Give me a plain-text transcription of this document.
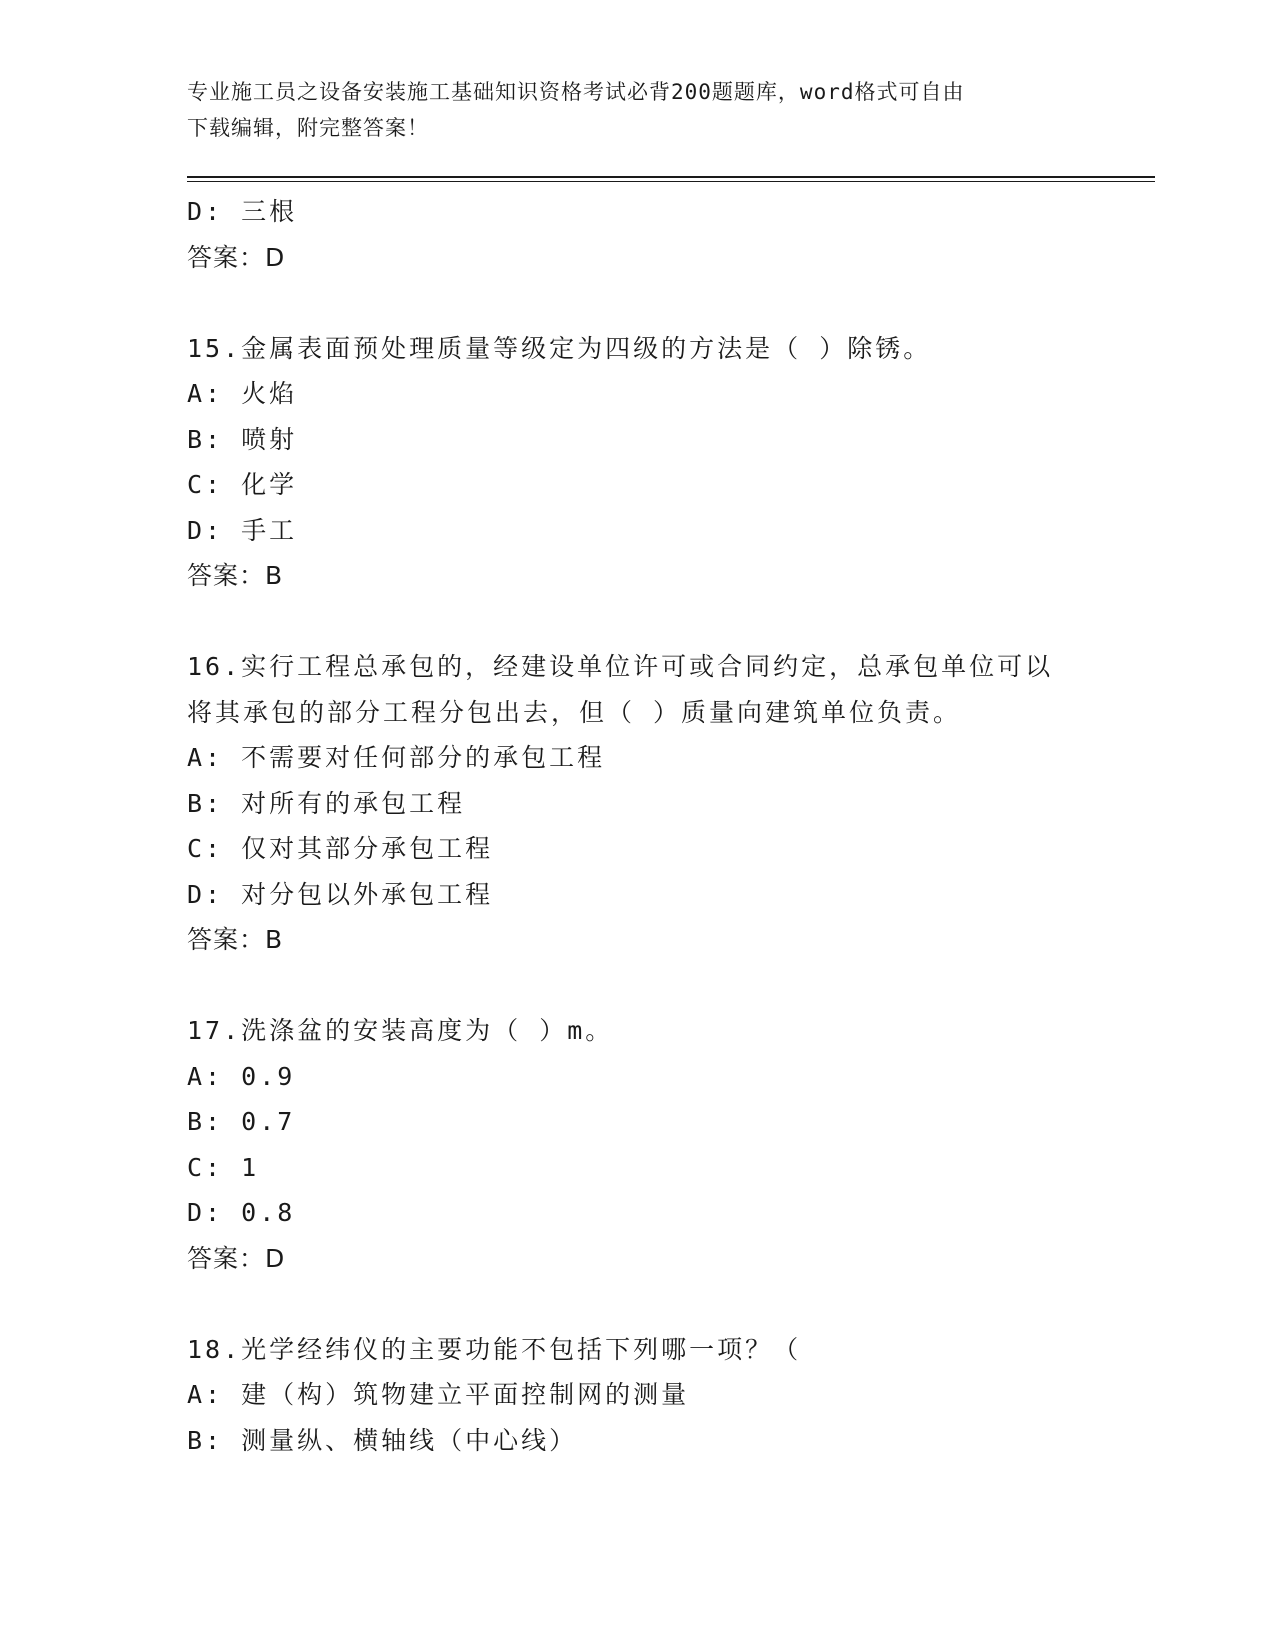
专业施工员之设备安装施工基础知识资格考试必背200题题库，word格式可自由
下载编辑，附完整答案！
D: 三根
答案：D
15.金属表面预处理质量等级定为四级的方法是（ ）除锈。
A: 火焰
B: 喷射
C: 化学
D: 手工
答案：B
16.实行工程总承包的，经建设单位许可或合同约定，总承包单位可以
将其承包的部分工程分包出去，但（ ）质量向建筑单位负责。
A: 不需要对任何部分的承包工程
B: 对所有的承包工程
C: 仅对其部分承包工程
D: 对分包以外承包工程
答案：B
17.洗涤盆的安装高度为（ ）m。
A: 0.9
B: 0.7
C: 1
D: 0.8
答案：D
18.光学经纬仪的主要功能不包括下列哪一项？（
A: 建（构）筑物建立平面控制网的测量
B: 测量纵、横轴线（中心线）
